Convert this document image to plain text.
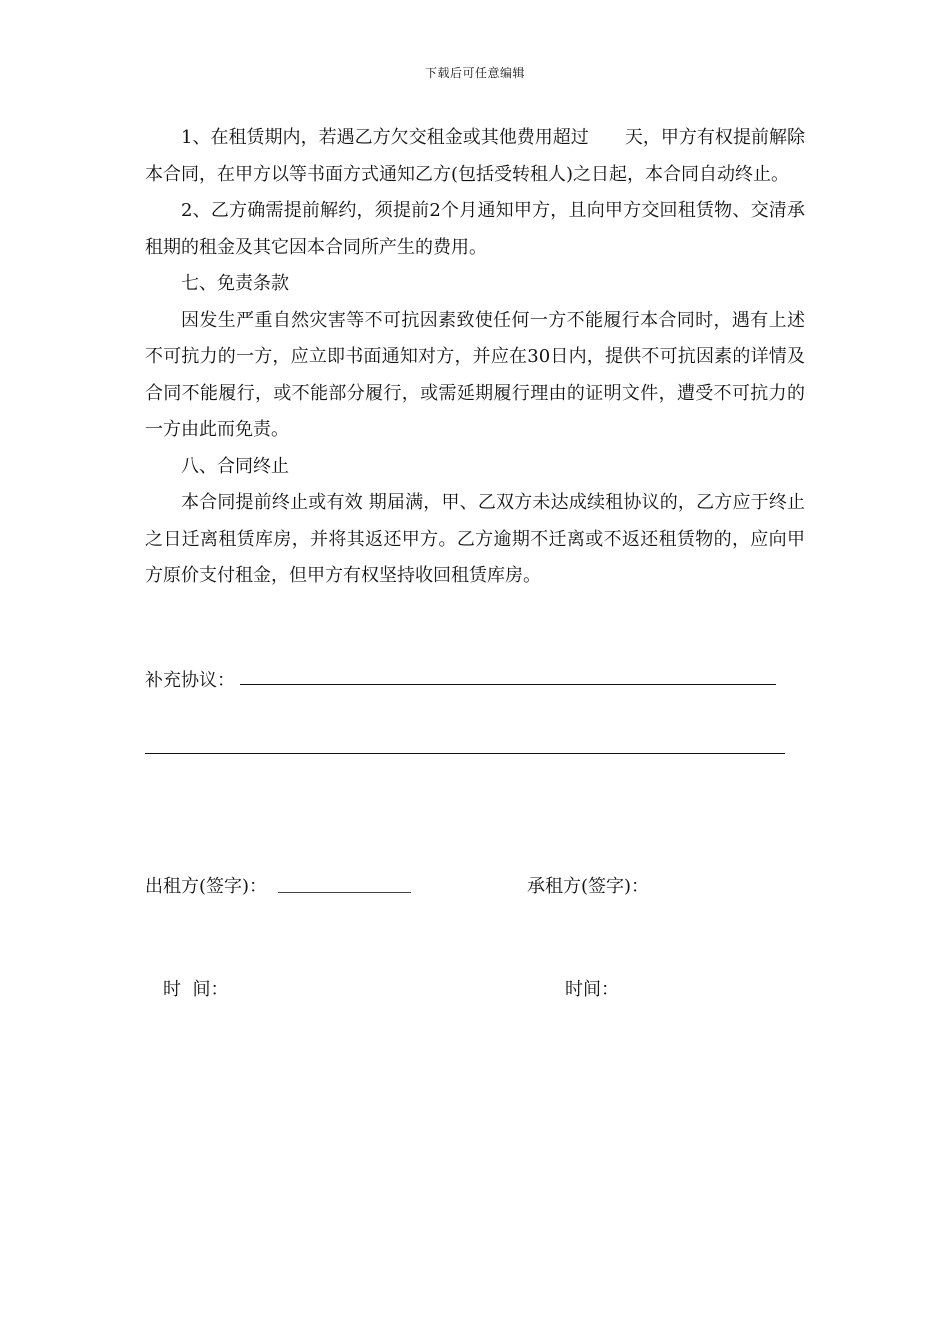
下载后可任意编辑

1、在租赁期内，若遇乙方欠交租金或其他费用超过　　天，甲方有权提前解除本合同，在甲方以等书面方式通知乙方(包括受转租人)之日起，本合同自动终止。

2、乙方确需提前解约，须提前2个月通知甲方，且向甲方交回租赁物、交清承租期的租金及其它因本合同所产生的费用。

七、免责条款

因发生严重自然灾害等不可抗因素致使任何一方不能履行本合同时，遇有上述不可抗力的一方，应立即书面通知对方，并应在30日内，提供不可抗因素的详情及合同不能履行，或不能部分履行，或需延期履行理由的证明文件，遭受不可抗力的一方由此而免责。

八、合同终止

本合同提前终止或有效 期届满，甲、乙双方未达成续租协议的，乙方应于终止之日迁离租赁库房，并将其返还甲方。乙方逾期不迁离或不返还租赁物的，应向甲方原价支付租金，但甲方有权坚持收回租赁库房。

补充协议：
出租方(签字)：	承租方(签字)：
时  间：	时间：
